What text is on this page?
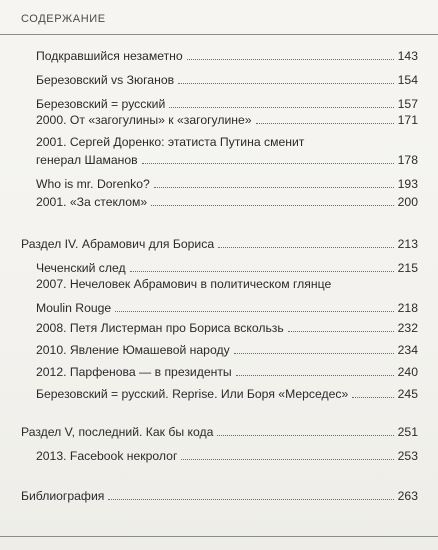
СОДЕРЖАНИЕ
Подкравшийся незаметно	143
Березовский vs Зюганов	154
Березовский = русский	157
2000. От «загогулины» к «загогулине»	171
2001. Сергей Доренко: этатиста Путина сменит
генерал Шаманов	178
Who is mr. Dorenko?	193
2001. «За стеклом»	200
Раздел IV. Абрамович для Бориса	213
Чеченский след	215
2007. Нечеловек Абрамович в политическом глянце
Moulin Rouge	218
2008. Петя Листерман про Бориса вскользь	232
2010. Явление Юмашевой народу	234
2012. Парфенова — в президенты	240
Березовский = русский. Reprise. Или Боря «Мерседес»	245
Раздел V, последний. Как бы кода	251
2013. Facebook некролог	253
Библиография	263
